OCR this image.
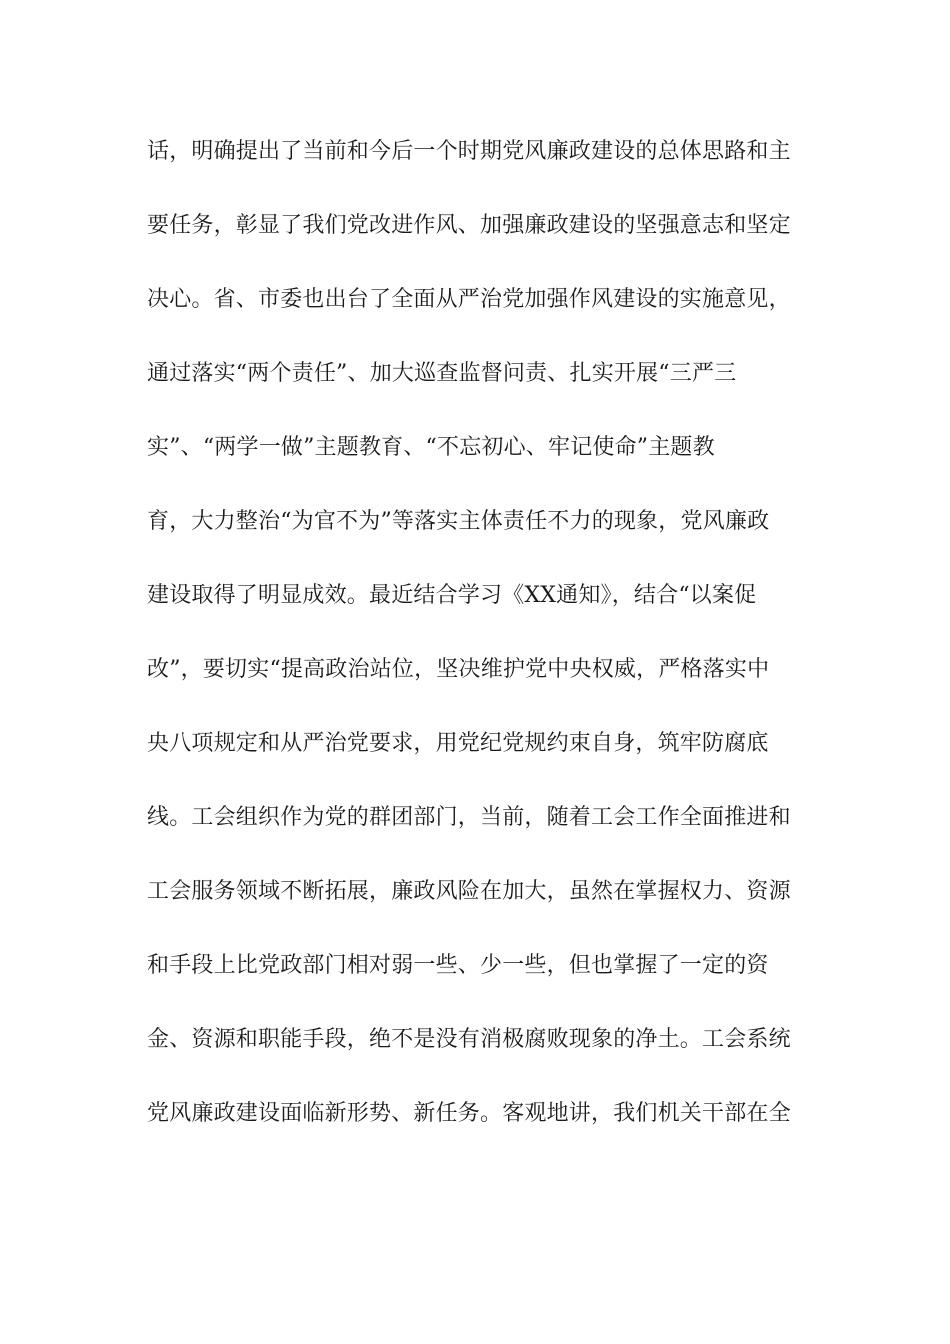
话，明确提出了当前和今后一个时期党风廉政建设的总体思路和主
要任务，彰显了我们党改进作风、加强廉政建设的坚强意志和坚定
决心。省、市委也出台了全面从严治党加强作风建设的实施意见，
通过落实“两个责任”、加大巡查监督问责、扎实开展“三严三
实”、“两学一做”主题教育、“不忘初心、牢记使命”主题教
育，大力整治“为官不为”等落实主体责任不力的现象，党风廉政
建设取得了明显成效。最近结合学习《XX通知》，结合“以案促
改”，要切实“提高政治站位，坚决维护党中央权威，严格落实中
央八项规定和从严治党要求，用党纪党规约束自身，筑牢防腐底
线。工会组织作为党的群团部门，当前，随着工会工作全面推进和
工会服务领域不断拓展，廉政风险在加大，虽然在掌握权力、资源
和手段上比党政部门相对弱一些、少一些，但也掌握了一定的资
金、资源和职能手段，绝不是没有消极腐败现象的净土。工会系统
党风廉政建设面临新形势、新任务。客观地讲，我们机关干部在全
